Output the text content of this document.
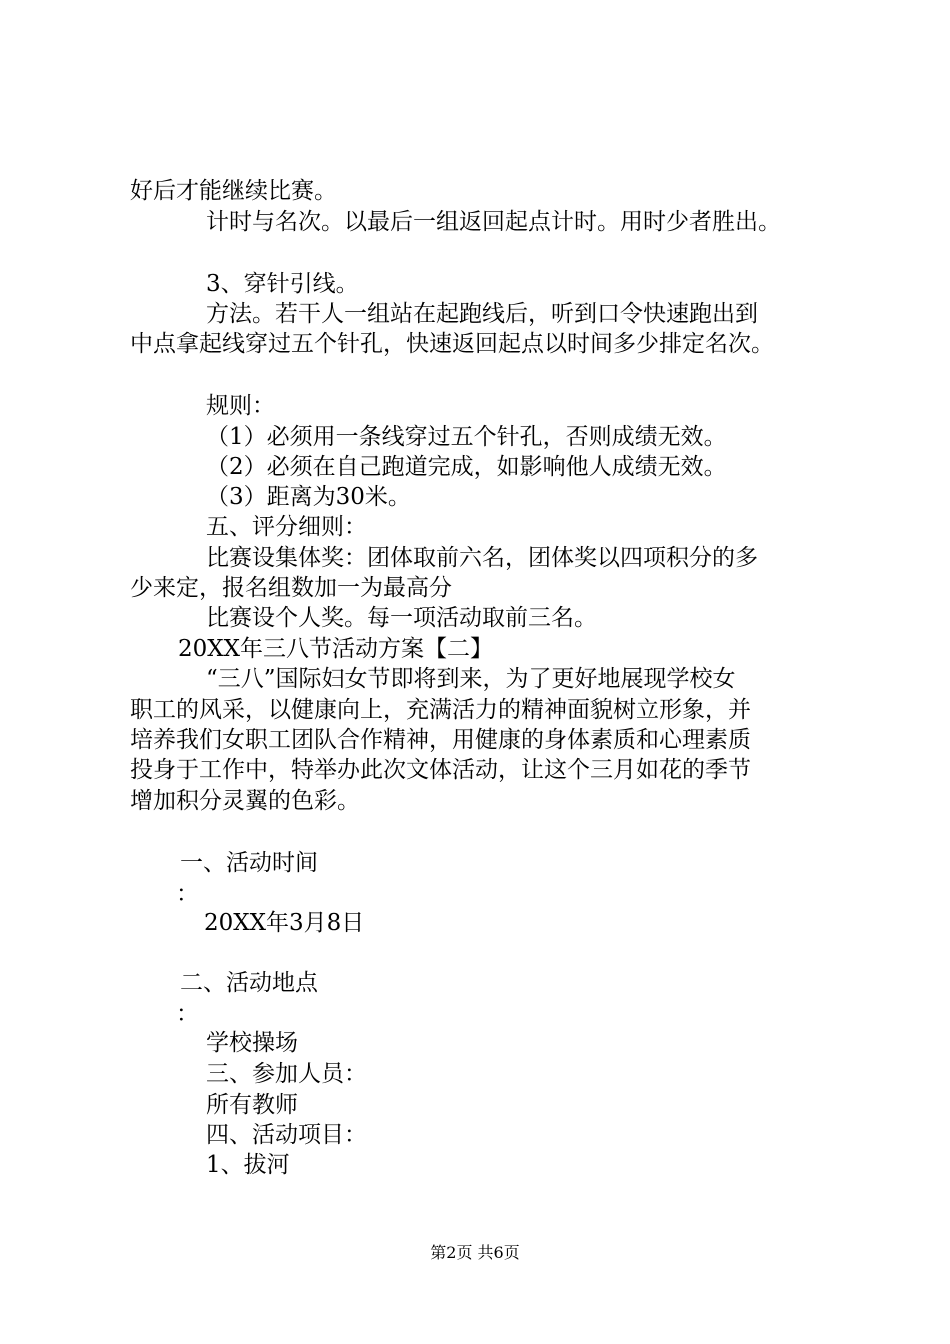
好后才能继续比赛。
计时与名次。以最后一组返回起点计时。用时少者胜出。
3、穿针引线。
方法。若干人一组站在起跑线后，听到口令快速跑出到
中点拿起线穿过五个针孔，快速返回起点以时间多少排定名次。
规则：
（1）必须用一条线穿过五个针孔，否则成绩无效。
（2）必须在自己跑道完成，如影响他人成绩无效。
（3）距离为30米。
五、评分细则：
比赛设集体奖：团体取前六名，团体奖以四项积分的多
少来定，报名组数加一为最高分
比赛设个人奖。每一项活动取前三名。
20XX年三八节活动方案【二】
“三八”国际妇女节即将到来，为了更好地展现学校女
职工的风采，以健康向上，充满活力的精神面貌树立形象，并
培养我们女职工团队合作精神，用健康的身体素质和心理素质
投身于工作中，特举办此次文体活动，让这个三月如花的季节
增加积分灵翼的色彩。
一、活动时间
：
20XX年3月8日
二、活动地点
：
学校操场
三、参加人员：
所有教师
四、活动项目：
1、拔河
第2页 共6页
